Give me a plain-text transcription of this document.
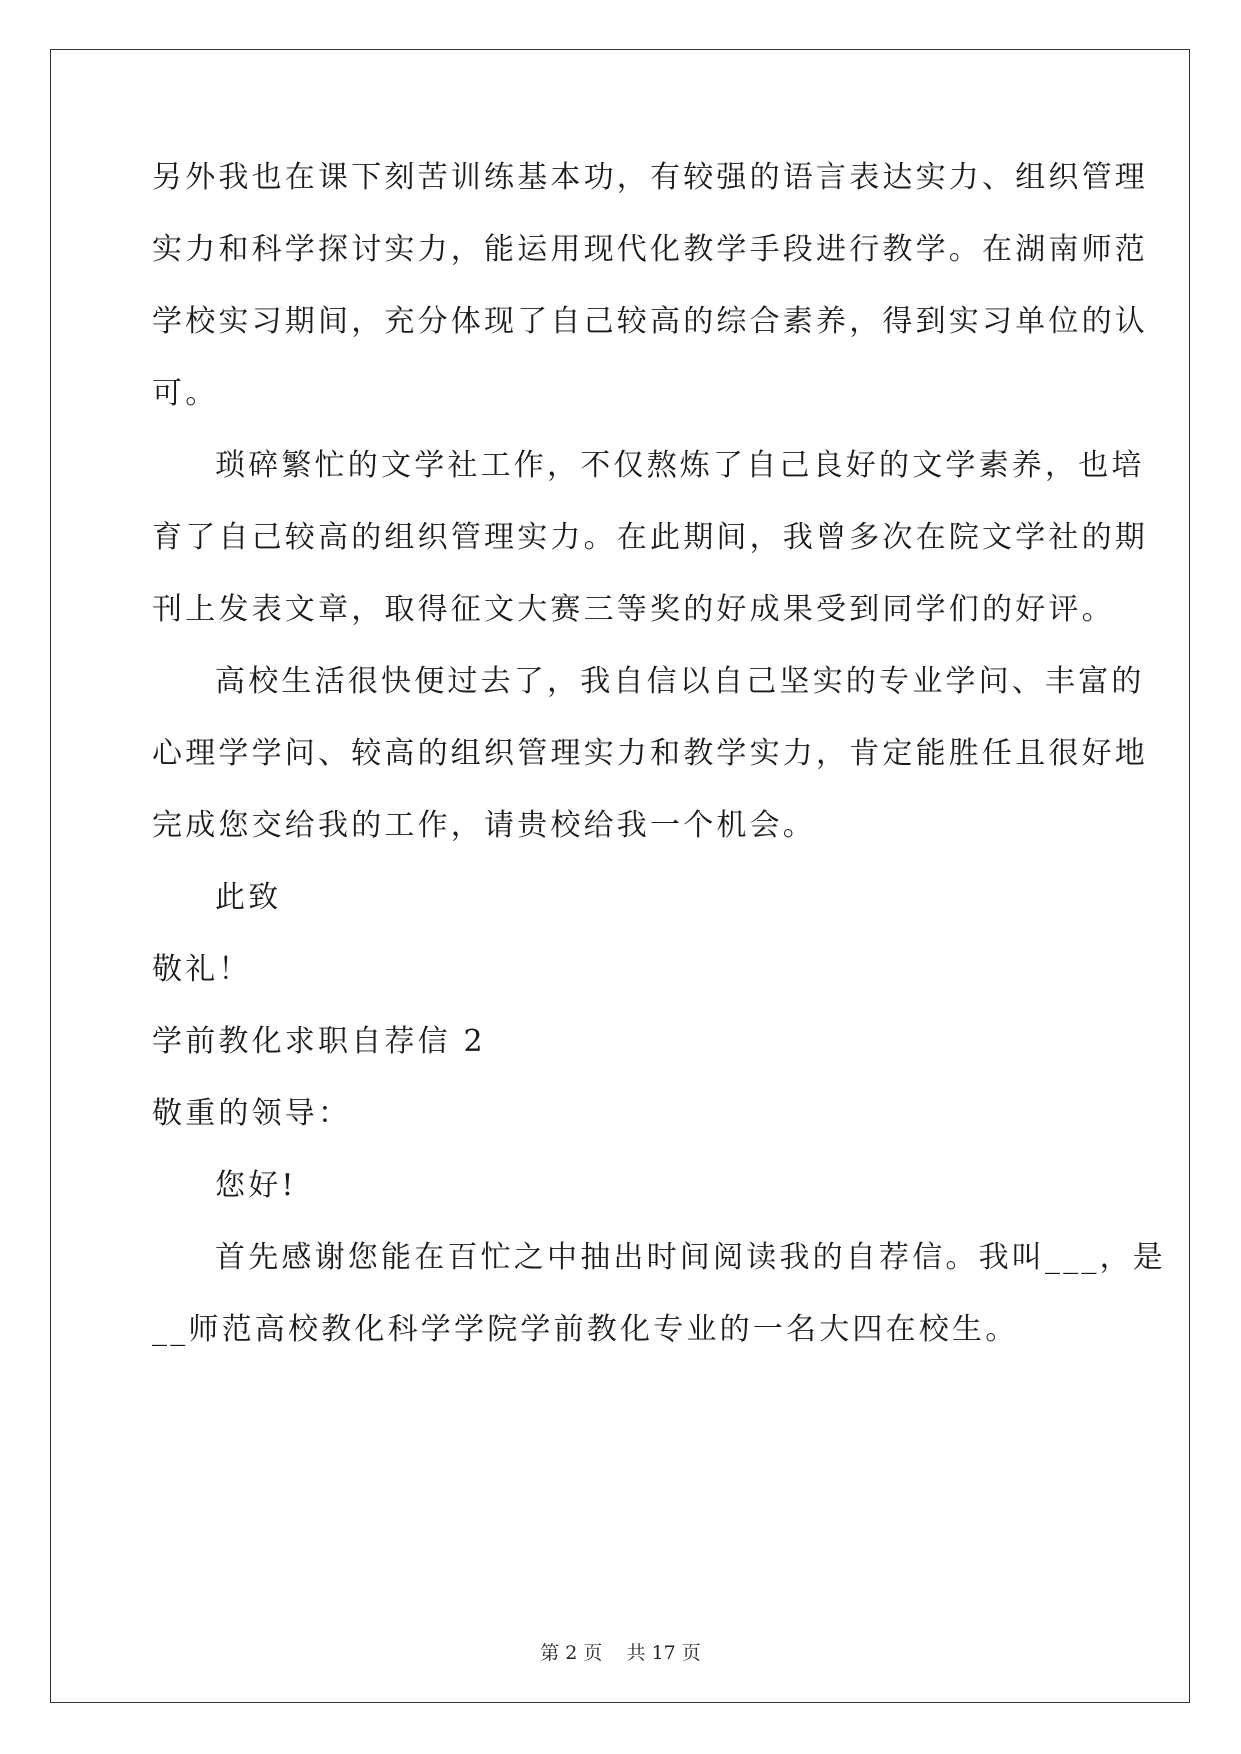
另外我也在课下刻苦训练基本功，有较强的语言表达实力、组织管理

实力和科学探讨实力，能运用现代化教学手段进行教学。在湖南师范

学校实习期间，充分体现了自己较高的综合素养，得到实习单位的认

可。

琐碎繁忙的文学社工作，不仅熬炼了自己良好的文学素养，也培

育了自己较高的组织管理实力。在此期间，我曾多次在院文学社的期

刊上发表文章，取得征文大赛三等奖的好成果受到同学们的好评。

高校生活很快便过去了，我自信以自己坚实的专业学问、丰富的

心理学学问、较高的组织管理实力和教学实力，肯定能胜任且很好地

完成您交给我的工作，请贵校给我一个机会。

此致

敬礼！

学前教化求职自荐信 2

敬重的领导：

您好!

首先感谢您能在百忙之中抽出时间阅读我的自荐信。我叫___，是

__师范高校教化科学学院学前教化专业的一名大四在校生。

第 2 页 共 17 页
